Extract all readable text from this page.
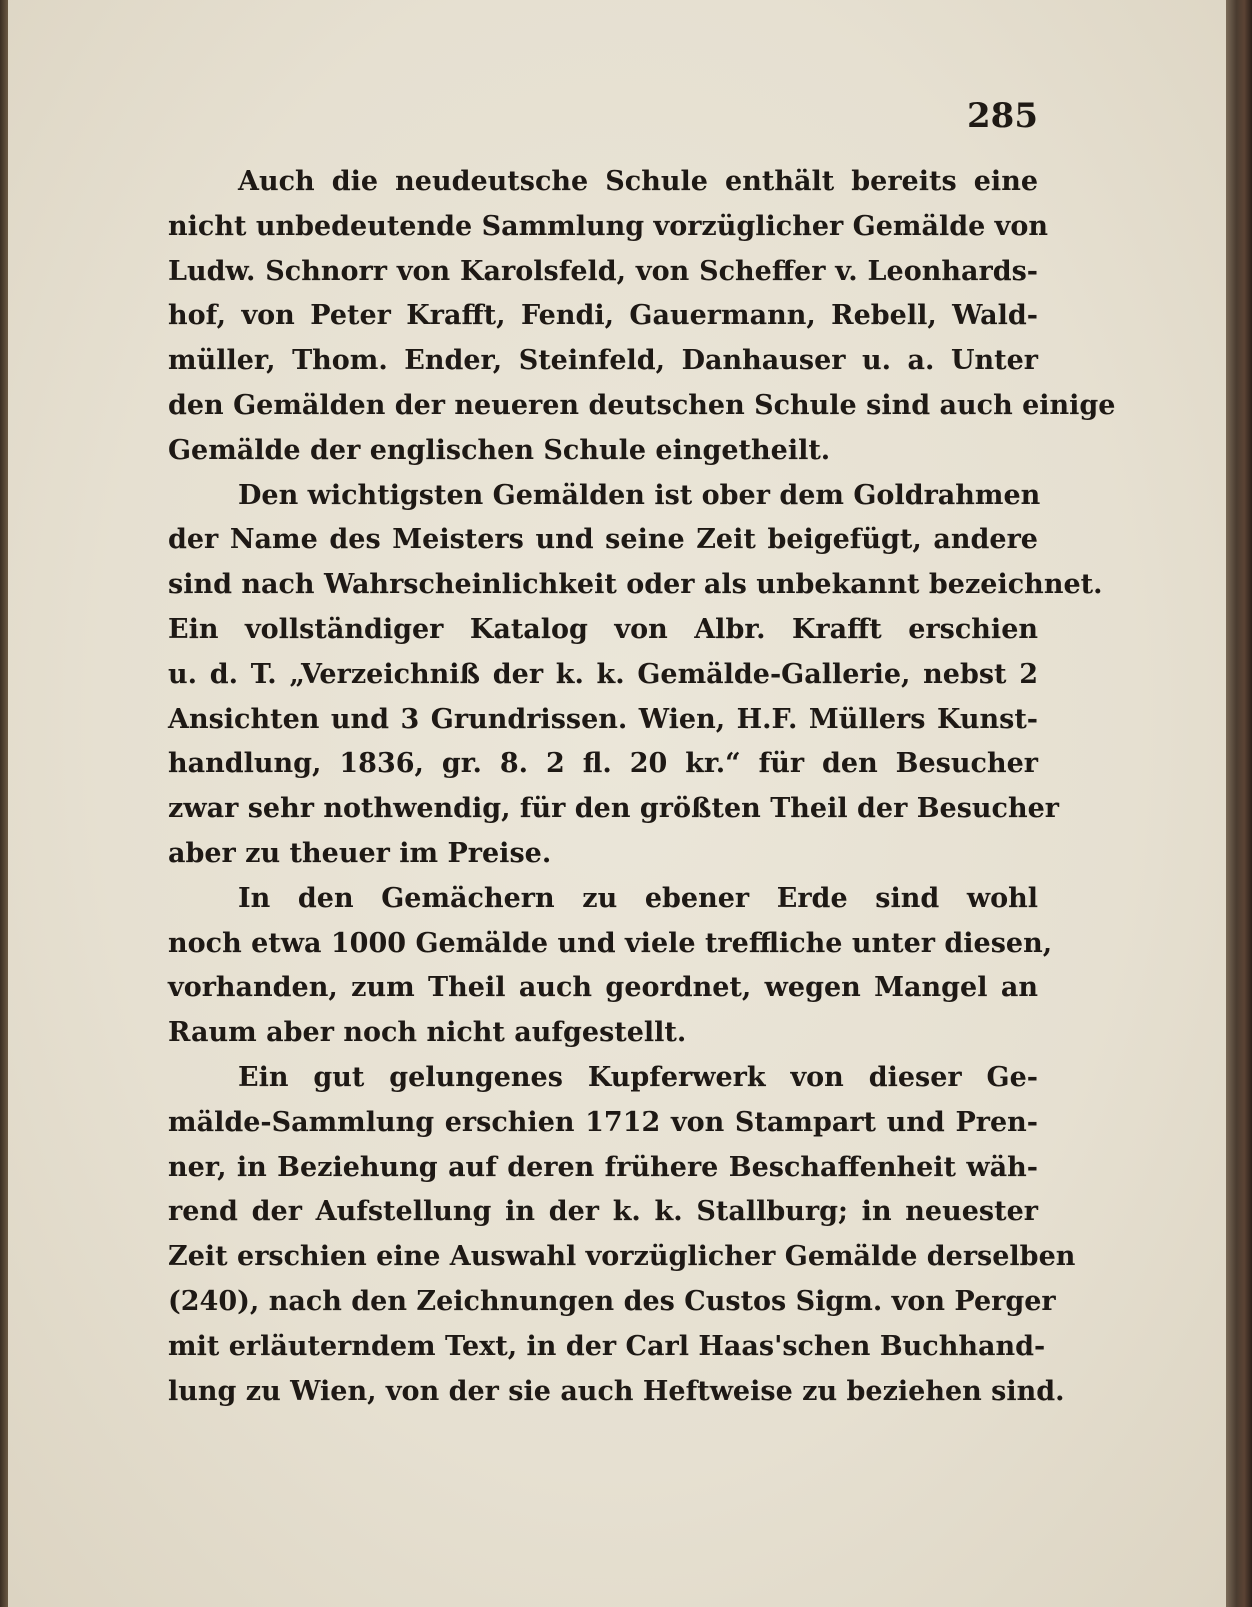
285
Auch die neudeutsche Schule enthält bereits eine
nicht unbedeutende Sammlung vorzüglicher Gemälde von
Ludw. Schnorr von Karolsfeld, von Scheffer v. Leonhards-
hof, von Peter Krafft, Fendi, Gauermann, Rebell, Wald-
müller, Thom. Ender, Steinfeld, Danhauser u. a. Unter
den Gemälden der neueren deutschen Schule sind auch einige
Gemälde der englischen Schule eingetheilt.
Den wichtigsten Gemälden ist ober dem Goldrahmen
der Name des Meisters und seine Zeit beigefügt, andere
sind nach Wahrscheinlichkeit oder als unbekannt bezeichnet.
Ein vollständiger Katalog von Albr. Krafft erschien
u. d. T. „Verzeichniß der k. k. Gemälde-Gallerie, nebst 2
Ansichten und 3 Grundrissen. Wien, H.F. Müllers Kunst-
handlung, 1836, gr. 8. 2 fl. 20 kr.“ für den Besucher
zwar sehr nothwendig, für den größten Theil der Besucher
aber zu theuer im Preise.
In den Gemächern zu ebener Erde sind wohl
noch etwa 1000 Gemälde und viele treffliche unter diesen,
vorhanden, zum Theil auch geordnet, wegen Mangel an
Raum aber noch nicht aufgestellt.
Ein gut gelungenes Kupferwerk von dieser Ge-
mälde-Sammlung erschien 1712 von Stampart und Pren-
ner, in Beziehung auf deren frühere Beschaffenheit wäh-
rend der Aufstellung in der k. k. Stallburg; in neuester
Zeit erschien eine Auswahl vorzüglicher Gemälde derselben
(240), nach den Zeichnungen des Custos Sigm. von Perger
mit erläuterndem Text, in der Carl Haas'schen Buchhand-
lung zu Wien, von der sie auch Heftweise zu beziehen sind.
